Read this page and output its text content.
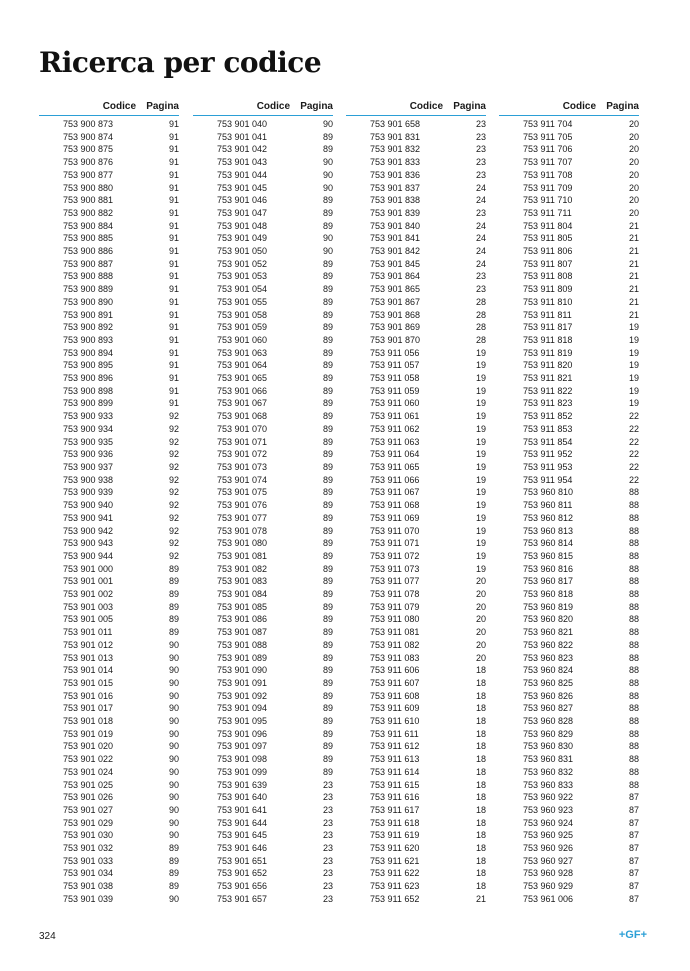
Ricerca per codice
Codice	Pagina
753 900 873	91
753 900 874	91
753 900 875	91
753 900 876	91
753 900 877	91
753 900 880	91
753 900 881	91
753 900 882	91
753 900 884	91
753 900 885	91
753 900 886	91
753 900 887	91
753 900 888	91
753 900 889	91
753 900 890	91
753 900 891	91
753 900 892	91
753 900 893	91
753 900 894	91
753 900 895	91
753 900 896	91
753 900 898	91
753 900 899	91
753 900 933	92
753 900 934	92
753 900 935	92
753 900 936	92
753 900 937	92
753 900 938	92
753 900 939	92
753 900 940	92
753 900 941	92
753 900 942	92
753 900 943	92
753 900 944	92
753 901 000	89
753 901 001	89
753 901 002	89
753 901 003	89
753 901 005	89
753 901 011	89
753 901 012	90
753 901 013	90
753 901 014	90
753 901 015	90
753 901 016	90
753 901 017	90
753 901 018	90
753 901 019	90
753 901 020	90
753 901 022	90
753 901 024	90
753 901 025	90
753 901 026	90
753 901 027	90
753 901 029	90
753 901 030	90
753 901 032	89
753 901 033	89
753 901 034	89
753 901 038	89
753 901 039	90
Codice	Pagina
753 901 040	90
753 901 041	89
753 901 042	89
753 901 043	90
753 901 044	90
753 901 045	90
753 901 046	89
753 901 047	89
753 901 048	89
753 901 049	90
753 901 050	90
753 901 052	89
753 901 053	89
753 901 054	89
753 901 055	89
753 901 058	89
753 901 059	89
753 901 060	89
753 901 063	89
753 901 064	89
753 901 065	89
753 901 066	89
753 901 067	89
753 901 068	89
753 901 070	89
753 901 071	89
753 901 072	89
753 901 073	89
753 901 074	89
753 901 075	89
753 901 076	89
753 901 077	89
753 901 078	89
753 901 080	89
753 901 081	89
753 901 082	89
753 901 083	89
753 901 084	89
753 901 085	89
753 901 086	89
753 901 087	89
753 901 088	89
753 901 089	89
753 901 090	89
753 901 091	89
753 901 092	89
753 901 094	89
753 901 095	89
753 901 096	89
753 901 097	89
753 901 098	89
753 901 099	89
753 901 639	23
753 901 640	23
753 901 641	23
753 901 644	23
753 901 645	23
753 901 646	23
753 901 651	23
753 901 652	23
753 901 656	23
753 901 657	23
Codice	Pagina
753 901 658	23
753 901 831	23
753 901 832	23
753 901 833	23
753 901 836	23
753 901 837	24
753 901 838	24
753 901 839	23
753 901 840	24
753 901 841	24
753 901 842	24
753 901 845	24
753 901 864	23
753 901 865	23
753 901 867	28
753 901 868	28
753 901 869	28
753 901 870	28
753 911 056	19
753 911 057	19
753 911 058	19
753 911 059	19
753 911 060	19
753 911 061	19
753 911 062	19
753 911 063	19
753 911 064	19
753 911 065	19
753 911 066	19
753 911 067	19
753 911 068	19
753 911 069	19
753 911 070	19
753 911 071	19
753 911 072	19
753 911 073	19
753 911 077	20
753 911 078	20
753 911 079	20
753 911 080	20
753 911 081	20
753 911 082	20
753 911 083	20
753 911 606	18
753 911 607	18
753 911 608	18
753 911 609	18
753 911 610	18
753 911 611	18
753 911 612	18
753 911 613	18
753 911 614	18
753 911 615	18
753 911 616	18
753 911 617	18
753 911 618	18
753 911 619	18
753 911 620	18
753 911 621	18
753 911 622	18
753 911 623	18
753 911 652	21
Codice	Pagina
753 911 704	20
753 911 705	20
753 911 706	20
753 911 707	20
753 911 708	20
753 911 709	20
753 911 710	20
753 911 711	20
753 911 804	21
753 911 805	21
753 911 806	21
753 911 807	21
753 911 808	21
753 911 809	21
753 911 810	21
753 911 811	21
753 911 817	19
753 911 818	19
753 911 819	19
753 911 820	19
753 911 821	19
753 911 822	19
753 911 823	19
753 911 852	22
753 911 853	22
753 911 854	22
753 911 952	22
753 911 953	22
753 911 954	22
753 960 810	88
753 960 811	88
753 960 812	88
753 960 813	88
753 960 814	88
753 960 815	88
753 960 816	88
753 960 817	88
753 960 818	88
753 960 819	88
753 960 820	88
753 960 821	88
753 960 822	88
753 960 823	88
753 960 824	88
753 960 825	88
753 960 826	88
753 960 827	88
753 960 828	88
753 960 829	88
753 960 830	88
753 960 831	88
753 960 832	88
753 960 833	88
753 960 922	87
753 960 923	87
753 960 924	87
753 960 925	87
753 960 926	87
753 960 927	87
753 960 928	87
753 960 929	87
753 961 006	87

324	+GF+
